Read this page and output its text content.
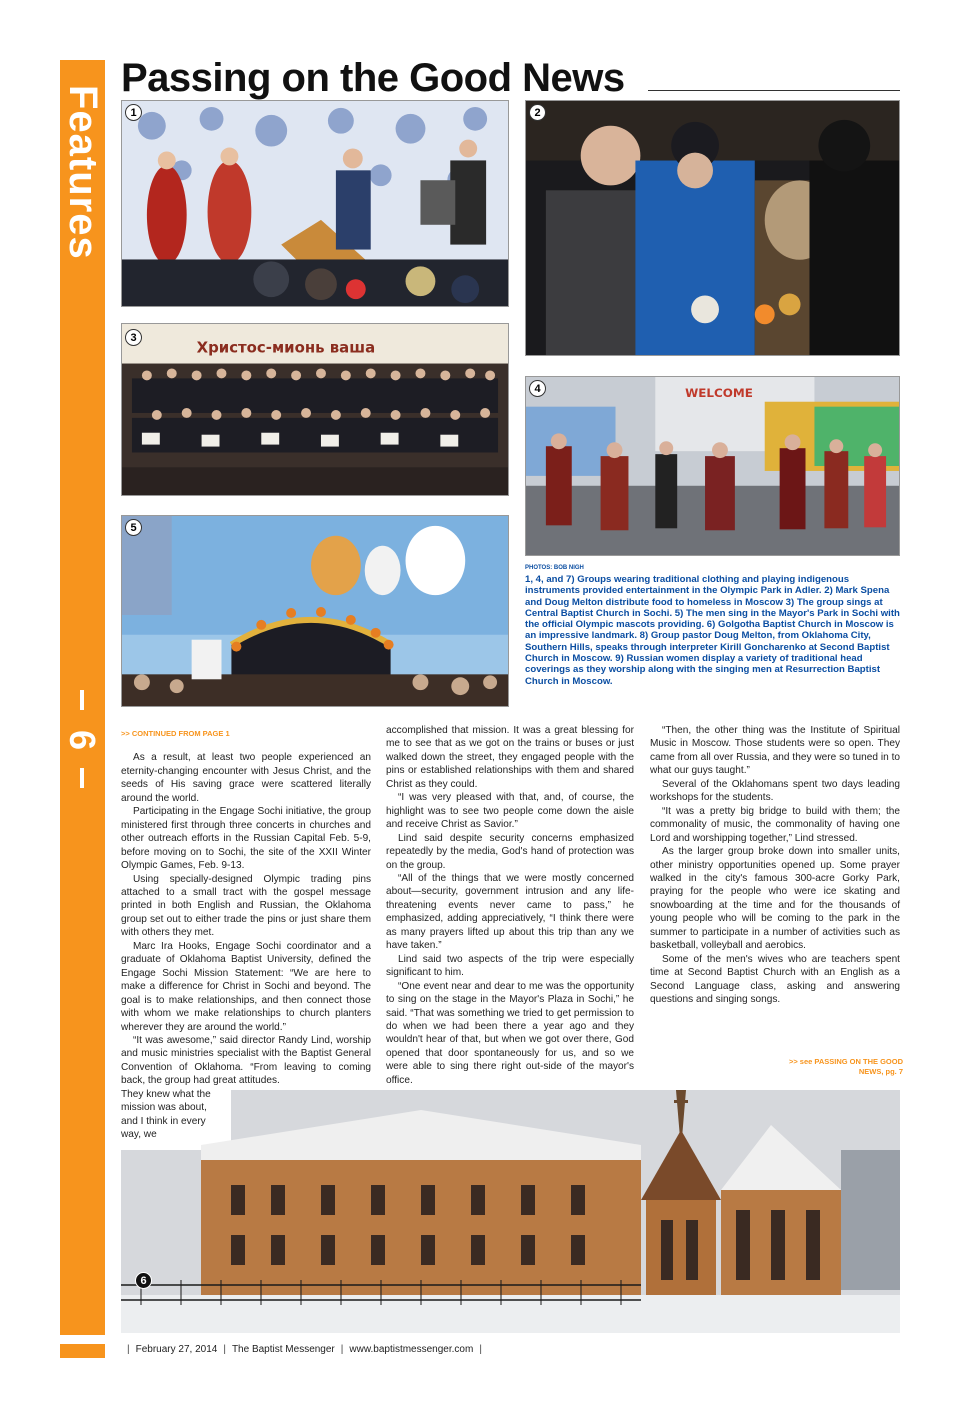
Features
6
Passing on the Good News
1	2
Христос-мионь ваша
3
WELCOME
4
5
PHOTOS: BOB NIGH
1, 4, and 7) Groups wearing traditional clothing and playing indigenous instruments provided entertainment in the Olympic Park in Adler. 2) Mark Spena and Doug Melton distribute food to homeless in Moscow 3) The group sings at Central Baptist Church in Sochi. 5) The men sing in the Mayor's Park in Sochi with the official Olympic mascots providing. 6) Golgotha Baptist Church in Moscow is an impressive landmark. 8) Group pastor Doug Melton, from Oklahoma City, Southern Hills, speaks through interpreter Kirill Goncharenko at Second Baptist Church in Moscow. 9) Russian women display a variety of traditional head coverings as they worship along with the singing men at Resurrection Baptist Church in Moscow.
>> CONTINUED FROM PAGE 1

As a result, at least two people experienced an eternity-changing encounter with Jesus Christ, and the seeds of His saving grace were scattered literally around the world.

Participating in the Engage Sochi initiative, the group ministered first through three concerts in churches and other outreach efforts in the Russian Capital Feb. 5-9, before moving on to Sochi, the site of the XXII Winter Olympic Games, Feb. 9-13.

Using specially-designed Olympic trading pins attached to a small tract with the gospel message printed in both English and Russian, the Oklahoma group set out to either trade the pins or just share them with others they met.

Marc Ira Hooks, Engage Sochi coordinator and a graduate of Oklahoma Baptist University, defined the Engage Sochi Mission Statement: “We are here to make a difference for Christ in Sochi and beyond. The goal is to make relationships, and then connect those with whom we make relationships to church planters wherever they are around the world.”

“It was awesome,” said director Randy Lind, worship and music ministries specialist with the Baptist General Convention of Oklahoma. “From leaving to coming back, the group had great attitudes.

They knew what the mission was about, and I think in every way, we

accomplished that mission. It was a great blessing for me to see that as we got on the trains or buses or just walked down the street, they engaged people with the pins or established relationships with them and shared Christ as they could.

“I was very pleased with that, and, of course, the highlight was to see two people come down the aisle and receive Christ as Savior.”

Lind said despite security concerns emphasized repeatedly by the media, God's hand of protection was on the group.

“All of the things that we were mostly concerned about—security, government intrusion and any life-threatening events never came to pass,” he emphasized, adding appreciatively, “I think there were as many prayers lifted up about this trip than any we have taken.”

Lind said two aspects of the trip were especially significant to him.

“One event near and dear to me was the opportunity to sing on the stage in the Mayor's Plaza in Sochi,” he said. “That was something we tried to get permission to do when we had been there a year ago and they wouldn't hear of that, but when we got over there, God opened that door spontaneously for us, and so we were able to sing there right out-side of the mayor's office.

“Then, the other thing was the Institute of Spiritual Music in Moscow. Those students were so open. They came from all over Russia, and they were so tuned in to what our guys taught.”

Several of the Oklahomans spent two days leading workshops for the students.

“It was a pretty big bridge to build with them; the commonality of music, the commonality of having one Lord and worshipping together,” Lind stressed.

As the larger group broke down into smaller units, other ministry opportunities opened up. Some prayer walked in the city's famous 300-acre Gorky Park, praying for the people who were ice skating and snowboarding at the time and for the thousands of young people who will be coming to the park in the summer to participate in a number of activities such as basketball, volleyball and aerobics.

Some of the men's wives who are teachers spent time at Second Baptist Church with an English as a Second Language class, asking and answering questions and singing songs.

>> see PASSING ON THE GOOD NEWS, pg. 7
6
| February 27, 2014 | The Baptist Messenger | www.baptistmessenger.com |
